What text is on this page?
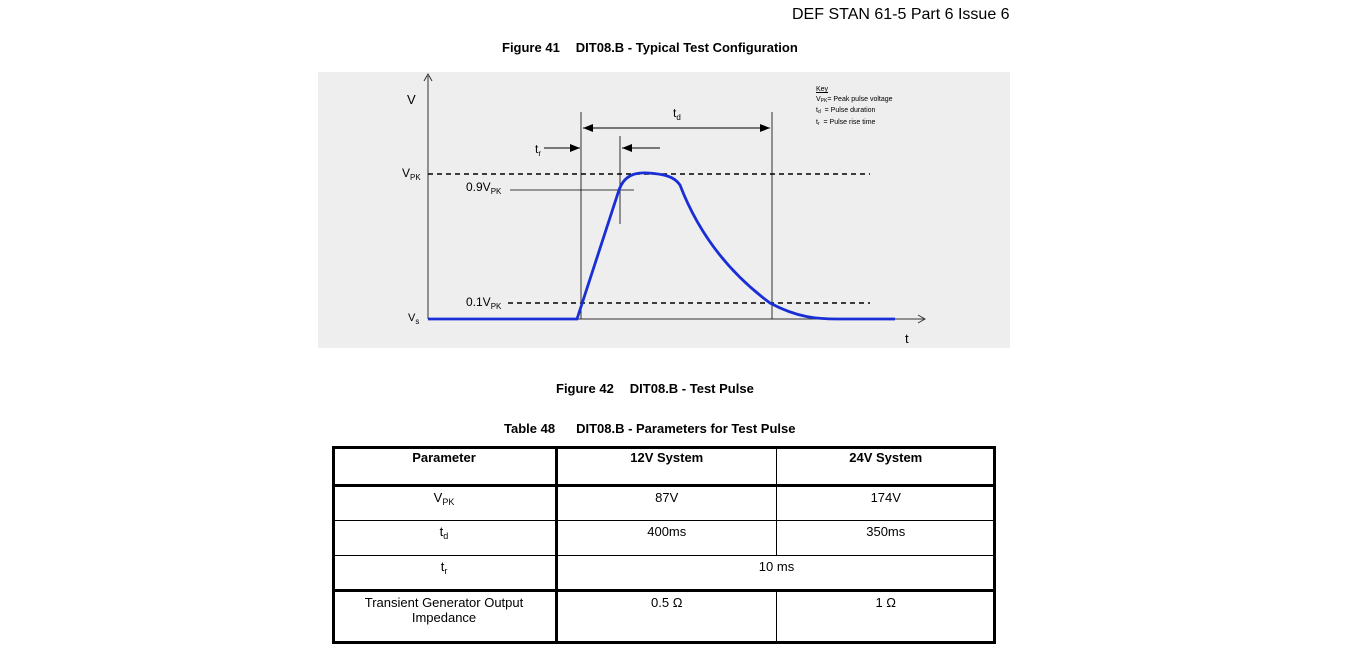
DEF STAN 61-5 Part 6 Issue 6
Figure 41 DIT08.B - Typical Test Configuration
V
t
$V_{PK}$
$V_s$
$0.9V_{PK}$
$0.1V_{PK}$
$t_d$
$t_r$
Key
$V_{PK}=$ Peak pulse voltage
$t_d$  = Pulse duration
$t_r$  = Pulse rise time
Figure 42 DIT08.B - Test Pulse
Table 48 DIT08.B - Parameters for Test Pulse
Parameter	12V System	24V System
$V_{PK}$	87V	174V
$t_d$	400ms	350ms
$t_r$	10 ms	
Transient Generator Output Impedance	0.5 Ω	1 Ω
